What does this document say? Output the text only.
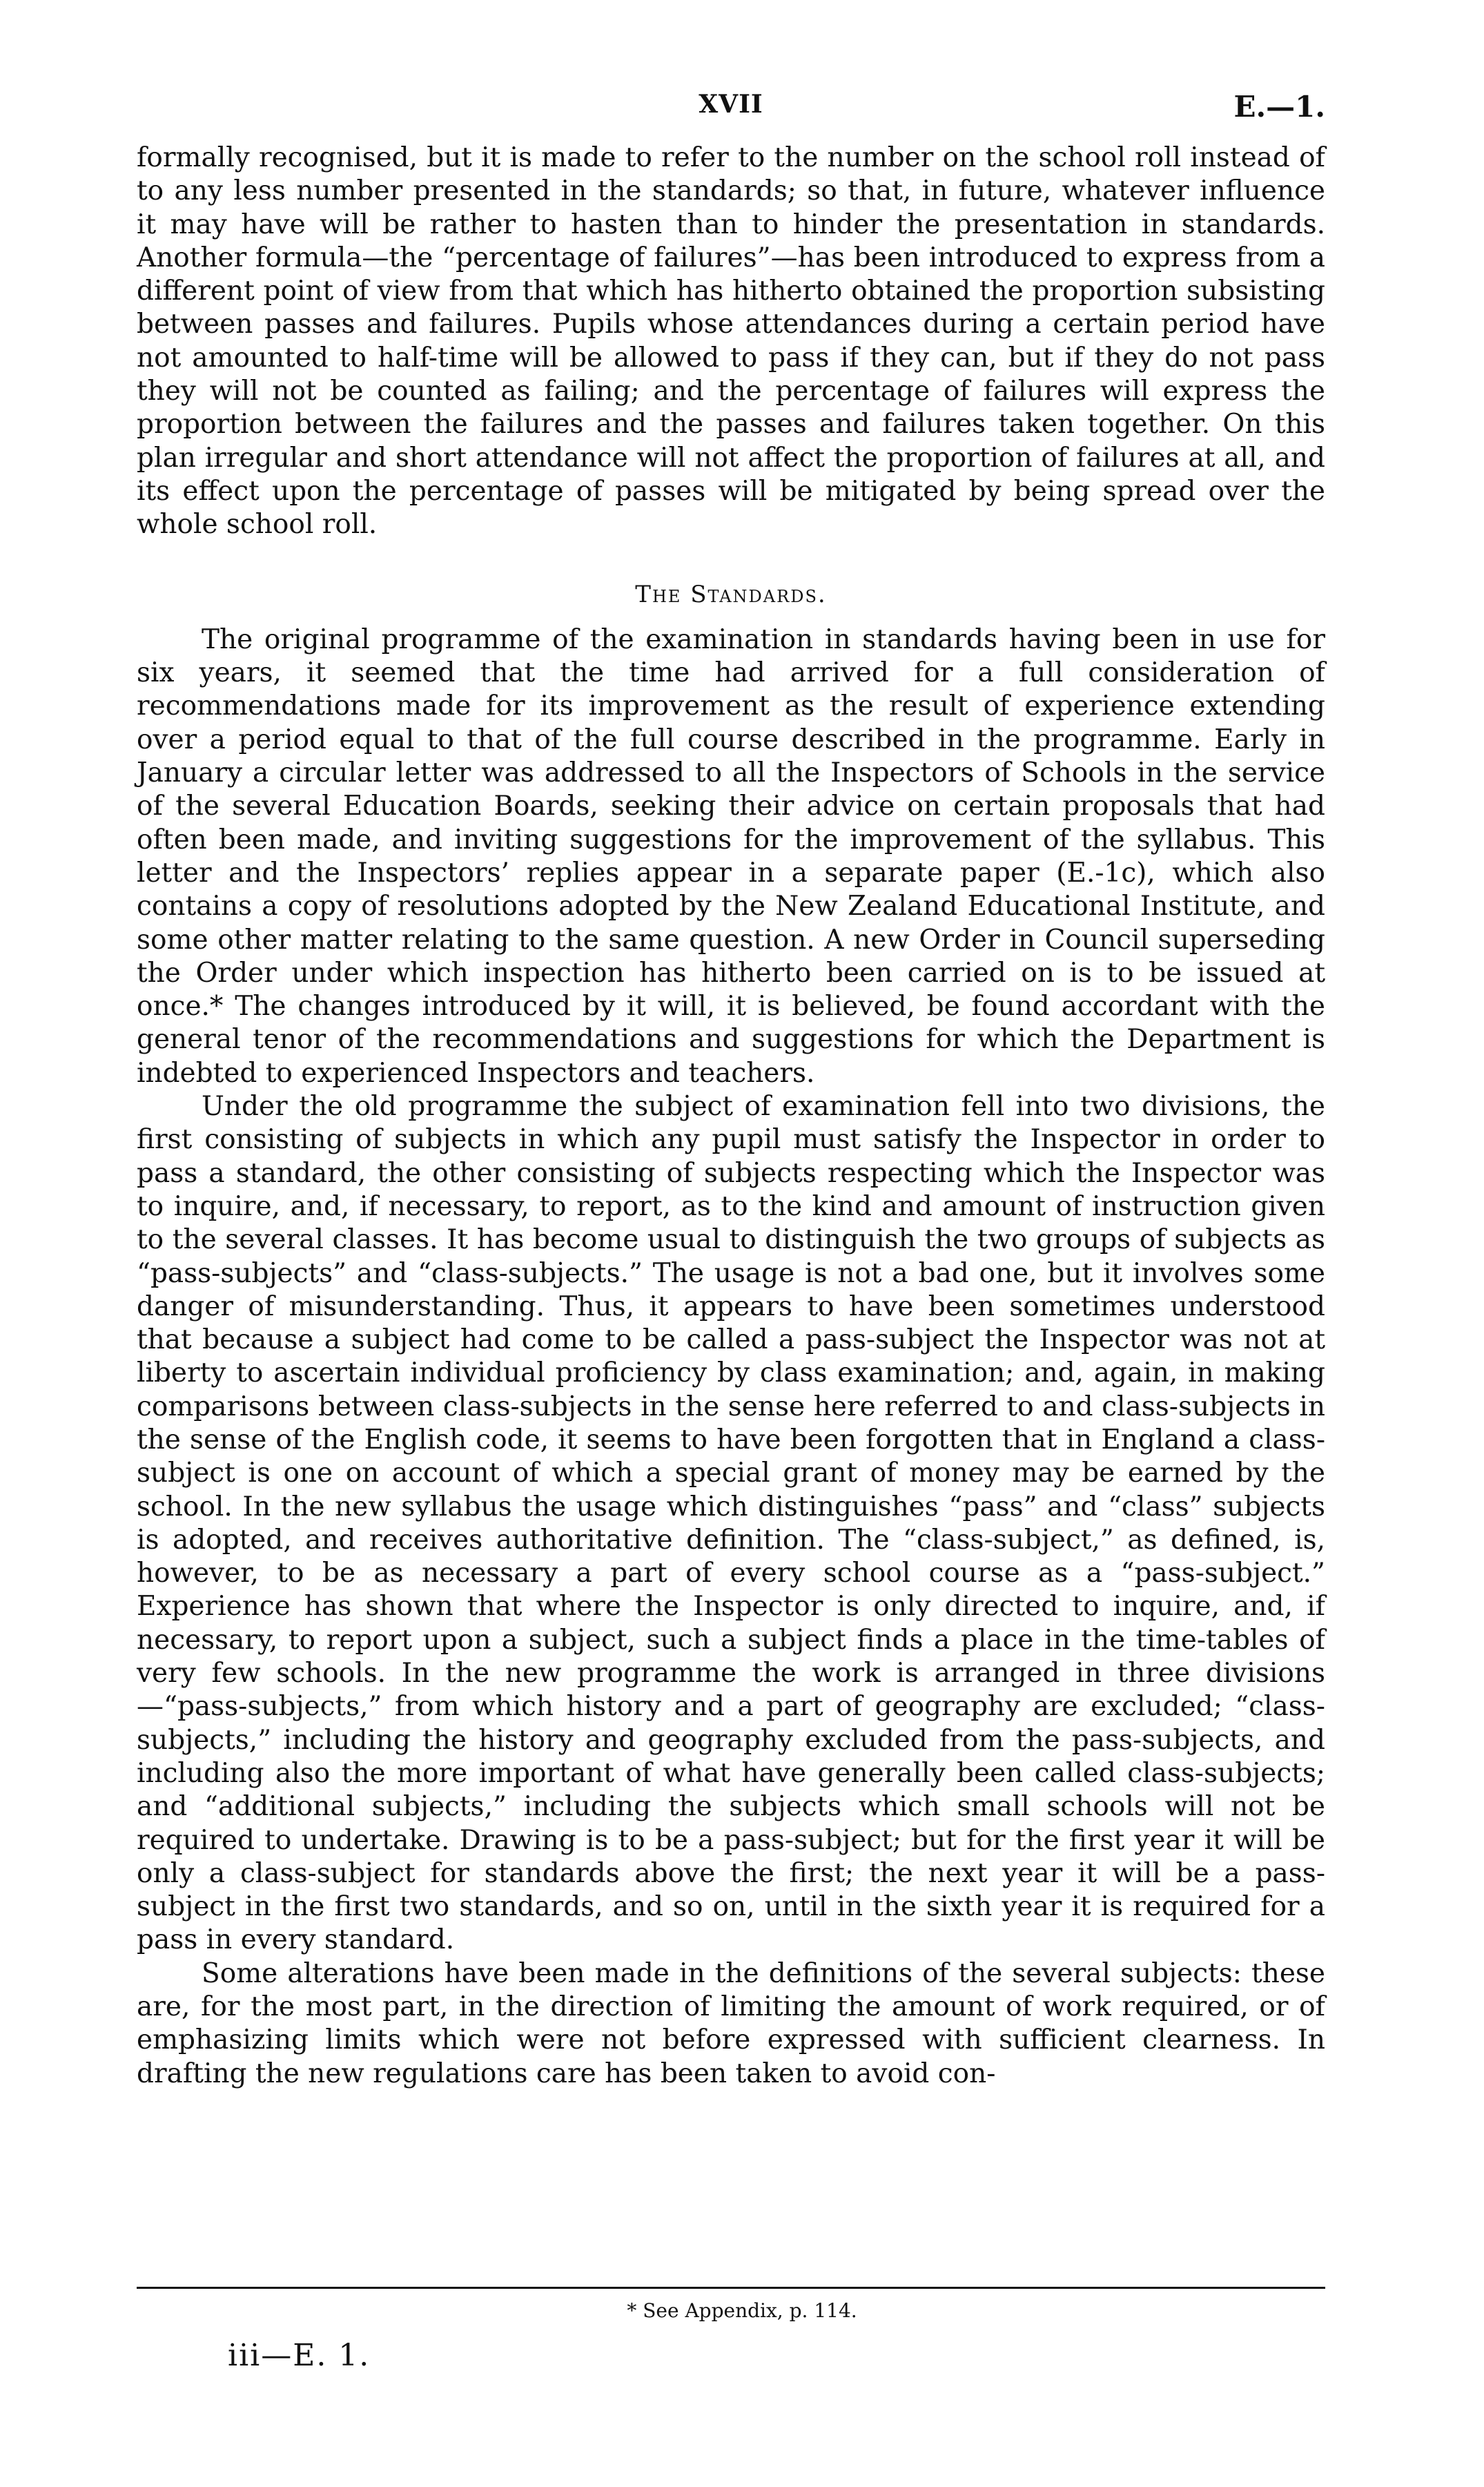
XVII	E.—1.

formally recognised, but it is made to refer to the number on the school roll instead of to any less number presented in the standards; so that, in future, whatever influence it may have will be rather to hasten than to hinder the presentation in standards. Another formula—the “percentage of failures”—has been introduced to express from a different point of view from that which has hitherto obtained the proportion subsisting between passes and failures. Pupils whose attendances during a certain period have not amounted to half-time will be allowed to pass if they can, but if they do not pass they will not be counted as failing; and the percentage of failures will express the proportion between the failures and the passes and failures taken together. On this plan irregular and short attendance will not affect the proportion of failures at all, and its effect upon the percentage of passes will be mitigated by being spread over the whole school roll.

The Standards.

The original programme of the examination in standards having been in use for six years, it seemed that the time had arrived for a full consideration of recommendations made for its improvement as the result of experience extending over a period equal to that of the full course described in the programme. Early in January a circular letter was addressed to all the Inspectors of Schools in the service of the several Education Boards, seeking their advice on certain proposals that had often been made, and inviting suggestions for the improvement of the syllabus. This letter and the Inspectors’ replies appear in a separate paper (E.-1c), which also contains a copy of resolutions adopted by the New Zealand Educational Institute, and some other matter relating to the same question. A new Order in Council superseding the Order under which inspection has hitherto been carried on is to be issued at once.* The changes introduced by it will, it is believed, be found accordant with the general tenor of the recommendations and suggestions for which the Department is indebted to experienced Inspectors and teachers.

Under the old programme the subject of examination fell into two divisions, the first consisting of subjects in which any pupil must satisfy the Inspector in order to pass a standard, the other consisting of subjects respecting which the Inspector was to inquire, and, if necessary, to report, as to the kind and amount of instruction given to the several classes. It has become usual to distinguish the two groups of subjects as “pass-subjects” and “class-subjects.” The usage is not a bad one, but it involves some danger of misunderstanding. Thus, it appears to have been sometimes understood that because a subject had come to be called a pass-subject the Inspector was not at liberty to ascertain individual proficiency by class examination; and, again, in making comparisons between class-subjects in the sense here referred to and class-subjects in the sense of the English code, it seems to have been forgotten that in England a class-subject is one on account of which a special grant of money may be earned by the school. In the new syllabus the usage which distinguishes “pass” and “class” subjects is adopted, and receives authoritative definition. The “class-subject,” as defined, is, however, to be as necessary a part of every school course as a “pass-subject.” Experience has shown that where the Inspector is only directed to inquire, and, if necessary, to report upon a subject, such a subject finds a place in the time-tables of very few schools. In the new programme the work is arranged in three divisions—“pass-subjects,” from which history and a part of geography are excluded; “class-subjects,” including the history and geography excluded from the pass-subjects, and including also the more important of what have generally been called class-subjects; and “additional subjects,” including the subjects which small schools will not be required to undertake. Drawing is to be a pass-subject; but for the first year it will be only a class-subject for standards above the first; the next year it will be a pass-subject in the first two standards, and so on, until in the sixth year it is required for a pass in every standard.

Some alterations have been made in the definitions of the several subjects: these are, for the most part, in the direction of limiting the amount of work required, or of emphasizing limits which were not before expressed with sufficient clearness. In drafting the new regulations care has been taken to avoid con-

* See Appendix, p. 114.
iii—E. 1.
